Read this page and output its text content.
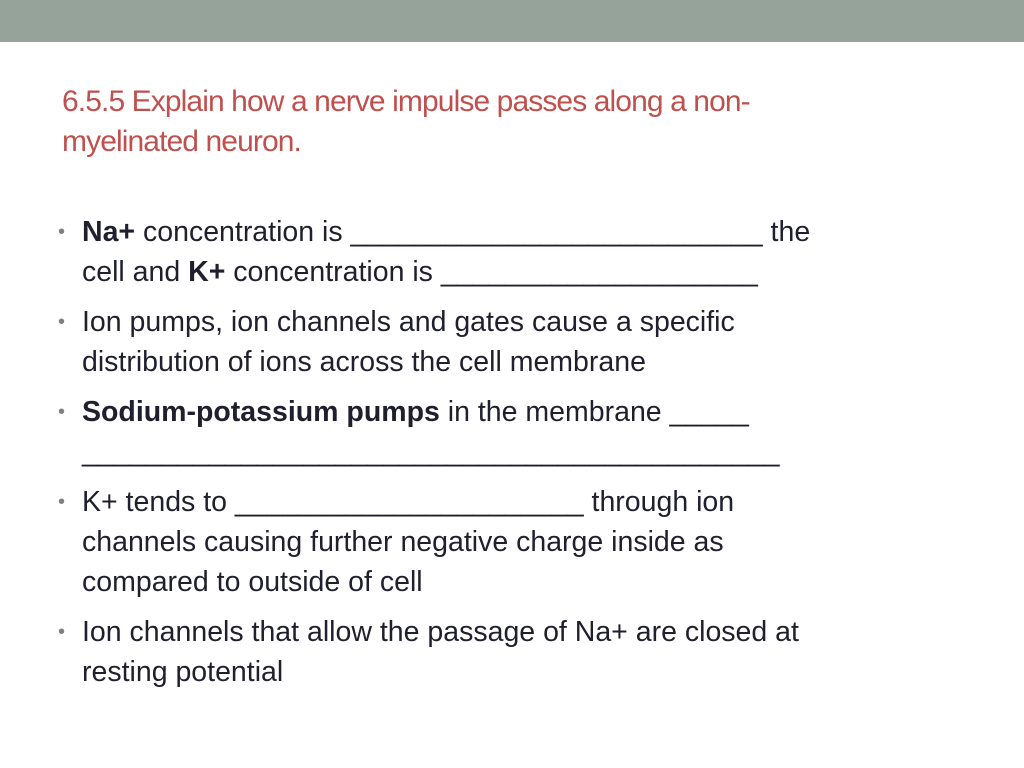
6.5.5 Explain how a nerve impulse passes along a non-
myelinated neuron.
• Na+ concentration is __________________________ the
cell and K+ concentration is ____________________
• Ion pumps, ion channels and gates cause a specific
distribution of ions across the cell membrane
• Sodium-potassium pumps in the membrane _____
____________________________________________
• K+ tends to ______________________ through ion
channels causing further negative charge inside as
compared to outside of cell
• Ion channels that allow the passage of Na+ are closed at
resting potential
